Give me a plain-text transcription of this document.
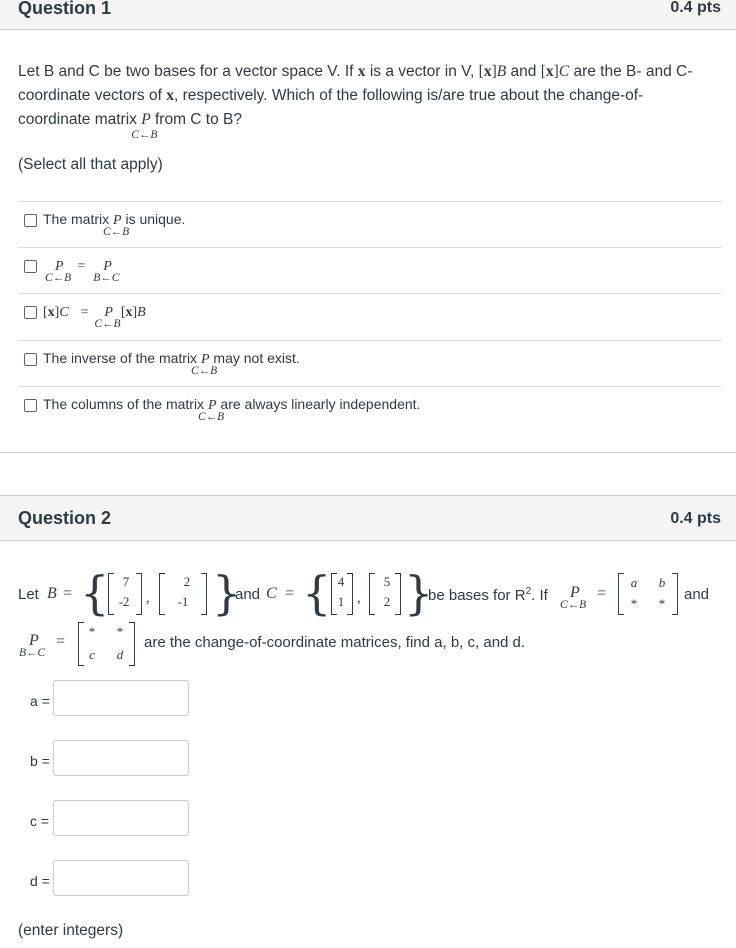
Question 1	0.4 pts
Let B and C be two bases for a vector space V. If x is a vector in V, [x]B and [x]C are the B- and C-
coordinate vectors of x, respectively. Which of the following is/are true about the change-of-
coordinate matrix P
C←B
from C to B?
(Select all that apply)
The matrix P
C←B
is unique.
P
C←B
= P
B←C
[x]C = P
C←B
[x]B
The inverse of the matrix P
C←B
may not exist.
The columns of the matrix P
C←B
are always linearly independent.
Question 2	0.4 pts
Let B = {	7
-2 ,
2
-1 }
and C = { 4
1 ,
5
2 }
be bases for $R^2$. If P
C←B
=
a	b
*	*
and
P
B←C
=
*	*
c	d
are the change-of-coordinate matrices, find a, b, c, and d.
a =
b =
c =
d =
(enter integers)
